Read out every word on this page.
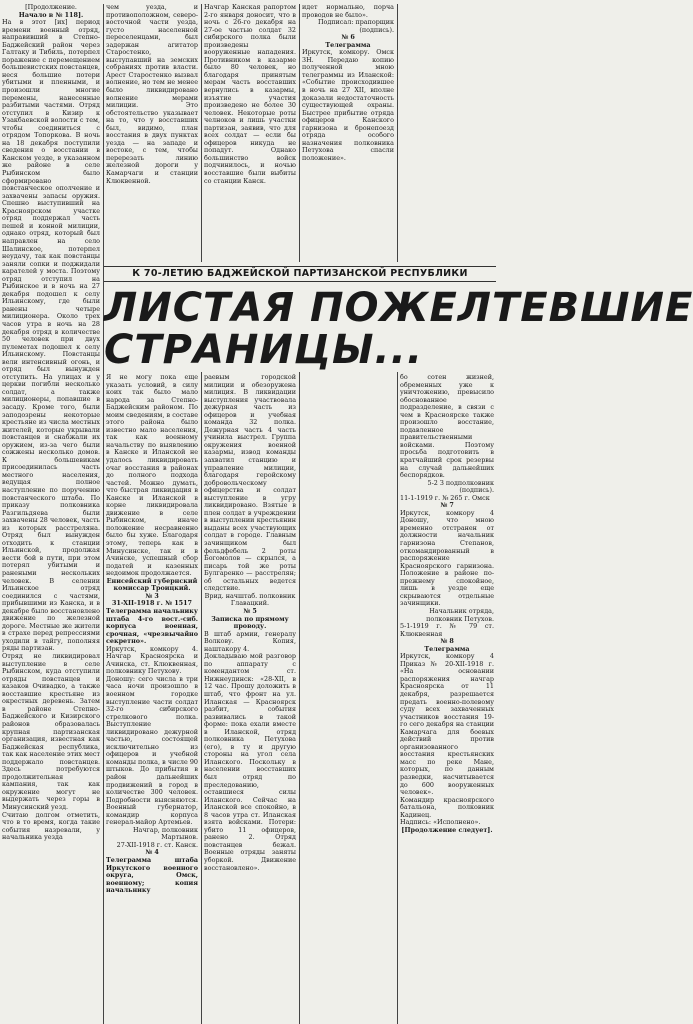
К 70-ЛЕТИЮ БАДЖЕЙСКОЙ ПАРТИЗАНСКОЙ РЕСПУБЛИКИ
ЛИСТАЯ ПОЖЕЛТЕВШИЕ
СТРАНИЦЫ...

[Продолжение.

Начало в № 118].

На в этот [их] период времени военный отряд, направивший в Степно-Баджейский район через Галтаку и Тибиль, потерпел поражение с перемещением большевистских повстанцев, неся большие потери убитыми и пленными, и произошли многие перемены, нанесенные разбитыми частями. Отряд отступил в Кизир к Узакбаевской волости с тем, чтобы соединиться с отрядом Топоркова. В ночь на 18 декабря поступили сведения о восстании в Канском уезде, в указанном же районе в селе Рыбинском было сформировано повстанческое ополчение и захвачены запасы оружия. Спешно выступивший на Красноярском участке отряд поддержал часть пешей и конной милиции, однако отряд, который был направлен на село Шалинское, потерпел неудачу, так как повстанцы заняли сопки и поджидали карателей у моста. Поэтому отряд отступил на Рыбинское и в ночь на 27 декабря подошел к селу Ильинскому, где были ранены четыре милиционера. Около трех часов утра в ночь на 28 декабря отряд в количестве 50 человек при двух пулеметах подошел к селу Ильинскому. Повстанцы вели интенсивный огонь, и отряд был вынужден отступить. На улицах и у церкви погибли несколько солдат, а также милиционеры, попавшие в засаду. Кроме того, были заподозрены некоторые крестьяне из числа местных жителей, которые укрывали повстанцев и снабжали их оружием, из-за чего были сожжены несколько домов. К большевикам присоединилась часть местного населения, ведущая полное наступление по поручению повстанческого штаба. По приказу полковника Разгильдяева были захвачены 28 человек, часть из которых расстреляна. Отряд был вынужден отходить к станции Ильинской, продолжая вести бой в пути, при этом потерял убитыми и ранеными нескольких человек. В селении Ильинское отряд соединился с частями, прибывшими из Канска, и в декабре было восстановлено движение по железной дороге. Местные же жители в страхе перед репрессиями уходили в тайгу, пополняя ряды партизан.

Отряд не ликвидировал выступление в селе Рыбинском, куда отступили отряды повстанцев и казаков Очивадко, а также восставшие крестьяне из окрестных деревень. Затем в районе Степно-Баджейского и Кизирского районов образовалась крупная партизанская организация, известная как Баджейская республика, так как население этих мест поддержало повстанцев. Здесь потребуются продолжительная кампания, так как окружение могут не выдержать через горы в Минусинский уезд.

Считаю долгом отметить, что в то время, когда такие события назревали, у начальника уезда

чем уезда, и противоположном, северо-восточной части уезда, густо населенной переселенцами, был задержан агитатор Старостенко, выступавший на земских собраниях против власти. Арест Старостенко вызвал волнение, но тем не менее было ликвидировано волнение мерами милиции. Это обстоятельство указывает на то, что у восставших был, видимо, план восстания в двух пунктах уезда — на западе и востоке, с тем, чтобы перерезать линию железной дороги у Камарчаги и станции Клюквенной.

Начгар Канская рапортом 2-го января доносит, что в ночь с 26-го декабря на 27-ое частью солдат 32 сибирского полка были произведены вооруженные нападения. Противником в казарме было 80 человек, но благодаря принятым мерам часть восставших вернулись в казармы, изъятие участия произведено не более 30 человек. Некоторые роты челноков и лишь участки партизан, заявив, что для всех солдат — если бы офицеров никуда не попадут. Однако большинство войск подчинилось, и ночью восставшие были выбиты со станции Канск.

идет нормально, порча проводов не было».

Подписал: прапорщик (подпись).

№ 6

Телеграмма

Иркутск, комкору. Омск 3Н. Передаю копию полученной мною телеграммы из Иланской: «Событие происходившее в ночь на 27 XII, вполне доказали недостаточность существующей охраны. Быстрее прибытие отряда офицеров Канского гарнизона и бронепоезд отряда особого назначения полковника Петухова спасли положение».

Я не могу пока еще указать условий, в силу коих так было мало народа за Степно-Баджейским районом. По моим сведениям, в составе этого района было известно мало населения, так как военному начальству по выявлению в Канске и Иланской не удалось ликвидировать очаг восстания в районах до полного подхода частей. Можно думать, что быстрая ликвидация в Канске и Иланской в корне ликвидировала движение в селе Рыбинском, иначе положение несравненно было бы хуже. Благодаря этому, теперь как в Минусинске, так и в Ачинске, успешный сбор податей и казенных недоимок продолжается.

Енисейский губернский комиссар Троицкий.

№ 3

31-XII-1918 г. № 1517

Телеграмма начальнику штаба 4-го вост.-сиб. корпуса военная, срочная, «чрезвычайно секретно».

Иркутск, комкору 4. Начгар Красноярска и Ачинска, ст. Клюквенная, полковнику Петухову.

Доношу: сего числа в три часа ночи произошло в военном городке выступление части солдат 32-го сибирского стрелкового полка. Выступление ликвидировано дежурной частью, состоящей исключительно из офицеров и учебной команды полка, в числе 90 штыков. До прибытия в район дальнейших продвижений в город в количестве 300 человек. Подробности выясняются. Военный губернатор, командир корпуса генерал-майор Артемьев.

Начгар, полковник Мартынов.

27-XII-1918 г. ст. Канск.

№ 4

Телеграмма штаба Иркутского военного округа, Омск, военному; копия начальнику

раевым городской милиции и обезоружена милиция. В ликвидации выступления участвовала дежурная часть из офицеров и учебная команда 32 полка. Дежурная часть 4 часть учинила выстрел. Группа окружения военной казармы, извод команды захватил станцию и управление милиции, благодаря геройскому добровольческому офицерства и солдат выступление в угру ликвидировано. Взятые в плен солдат в учреждении в выступлении крестьянин выданы всех участвующих солдат в городе. Главным зачинщиком был фельдфебель 2 роты Богомолов — скрылся, а писарь той же роты Булгаренко — расстрелян; об остальных ведется следствие.

Врид. начштаб. полковник Главацкий.

№ 5

Записка по прямому проводу.

В штаб армии, генералу Волкову. Копия, наштакору 4.

Докладываю мой разговор по аппарату с комендантом ст. Нижнеудинск: «28-XII, в 12 час. Прошу доложить в штаб, что фронт на ул. Иланская — Красноярск разбит, события развивались в такой форме: пока ехали вместе в Иланской, отряд полковника Петухова (его), в ту и другую стороны на угол села Иланского. Поскольку в населении восставших был отряд по преследованию, оставшиеся силы Иланского. Сейчас на Иланской все спокойно, в 8 часов утра ст. Иланская взята войсками. Потери: убито 11 офицеров, ранено 2. Отряд повстанцев бежал. Военные отряды заняты уборкой. Движение восстановлено».

бо сотен жизней, обременных уже к уничтожению, превысило обоснованное подразделение, в связи с чем в Красноярске также произошло восстание, подавленное правительственными войсками. Поэтому просьба подготовить в кратчайший срок резервы на случай дальнейших беспорядков.

5-2 З подполковник (подпись).

11-1-1919 г. № 265 г. Омск

№ 7

Иркутск, комкору 4 Доношу, что мною временно отстранен от должности начальник гарнизона Степанов, откомандированный в распоряжение Красноярского гарнизона. Положение в районе по-прежнему спокойное, лишь в уезде еще скрываются отдельные зачинщики.

Начальник отряда, полковник Петухов.

5-1-1919 г. № 79 ст. Клюквенная

№ 8

Телеграмма

Иркутск, комкору 4 Приказ № 20-XII-1918 г. «На основании распоряжения начгар Красноярска от 11 декабря, разрешается предать военно-полевому суду всех захваченных участников восстания 19-го сего декабря на станции Камарчага для боевых действий против организованного восстания крестьянских масс по реке Мане, которых, по данным разведки, насчитывается до 600 вооруженных человек».

Командир красноярского батальона, полковник Кадинец.

Надпись: «Исполнено».

[Продолжение следует].
